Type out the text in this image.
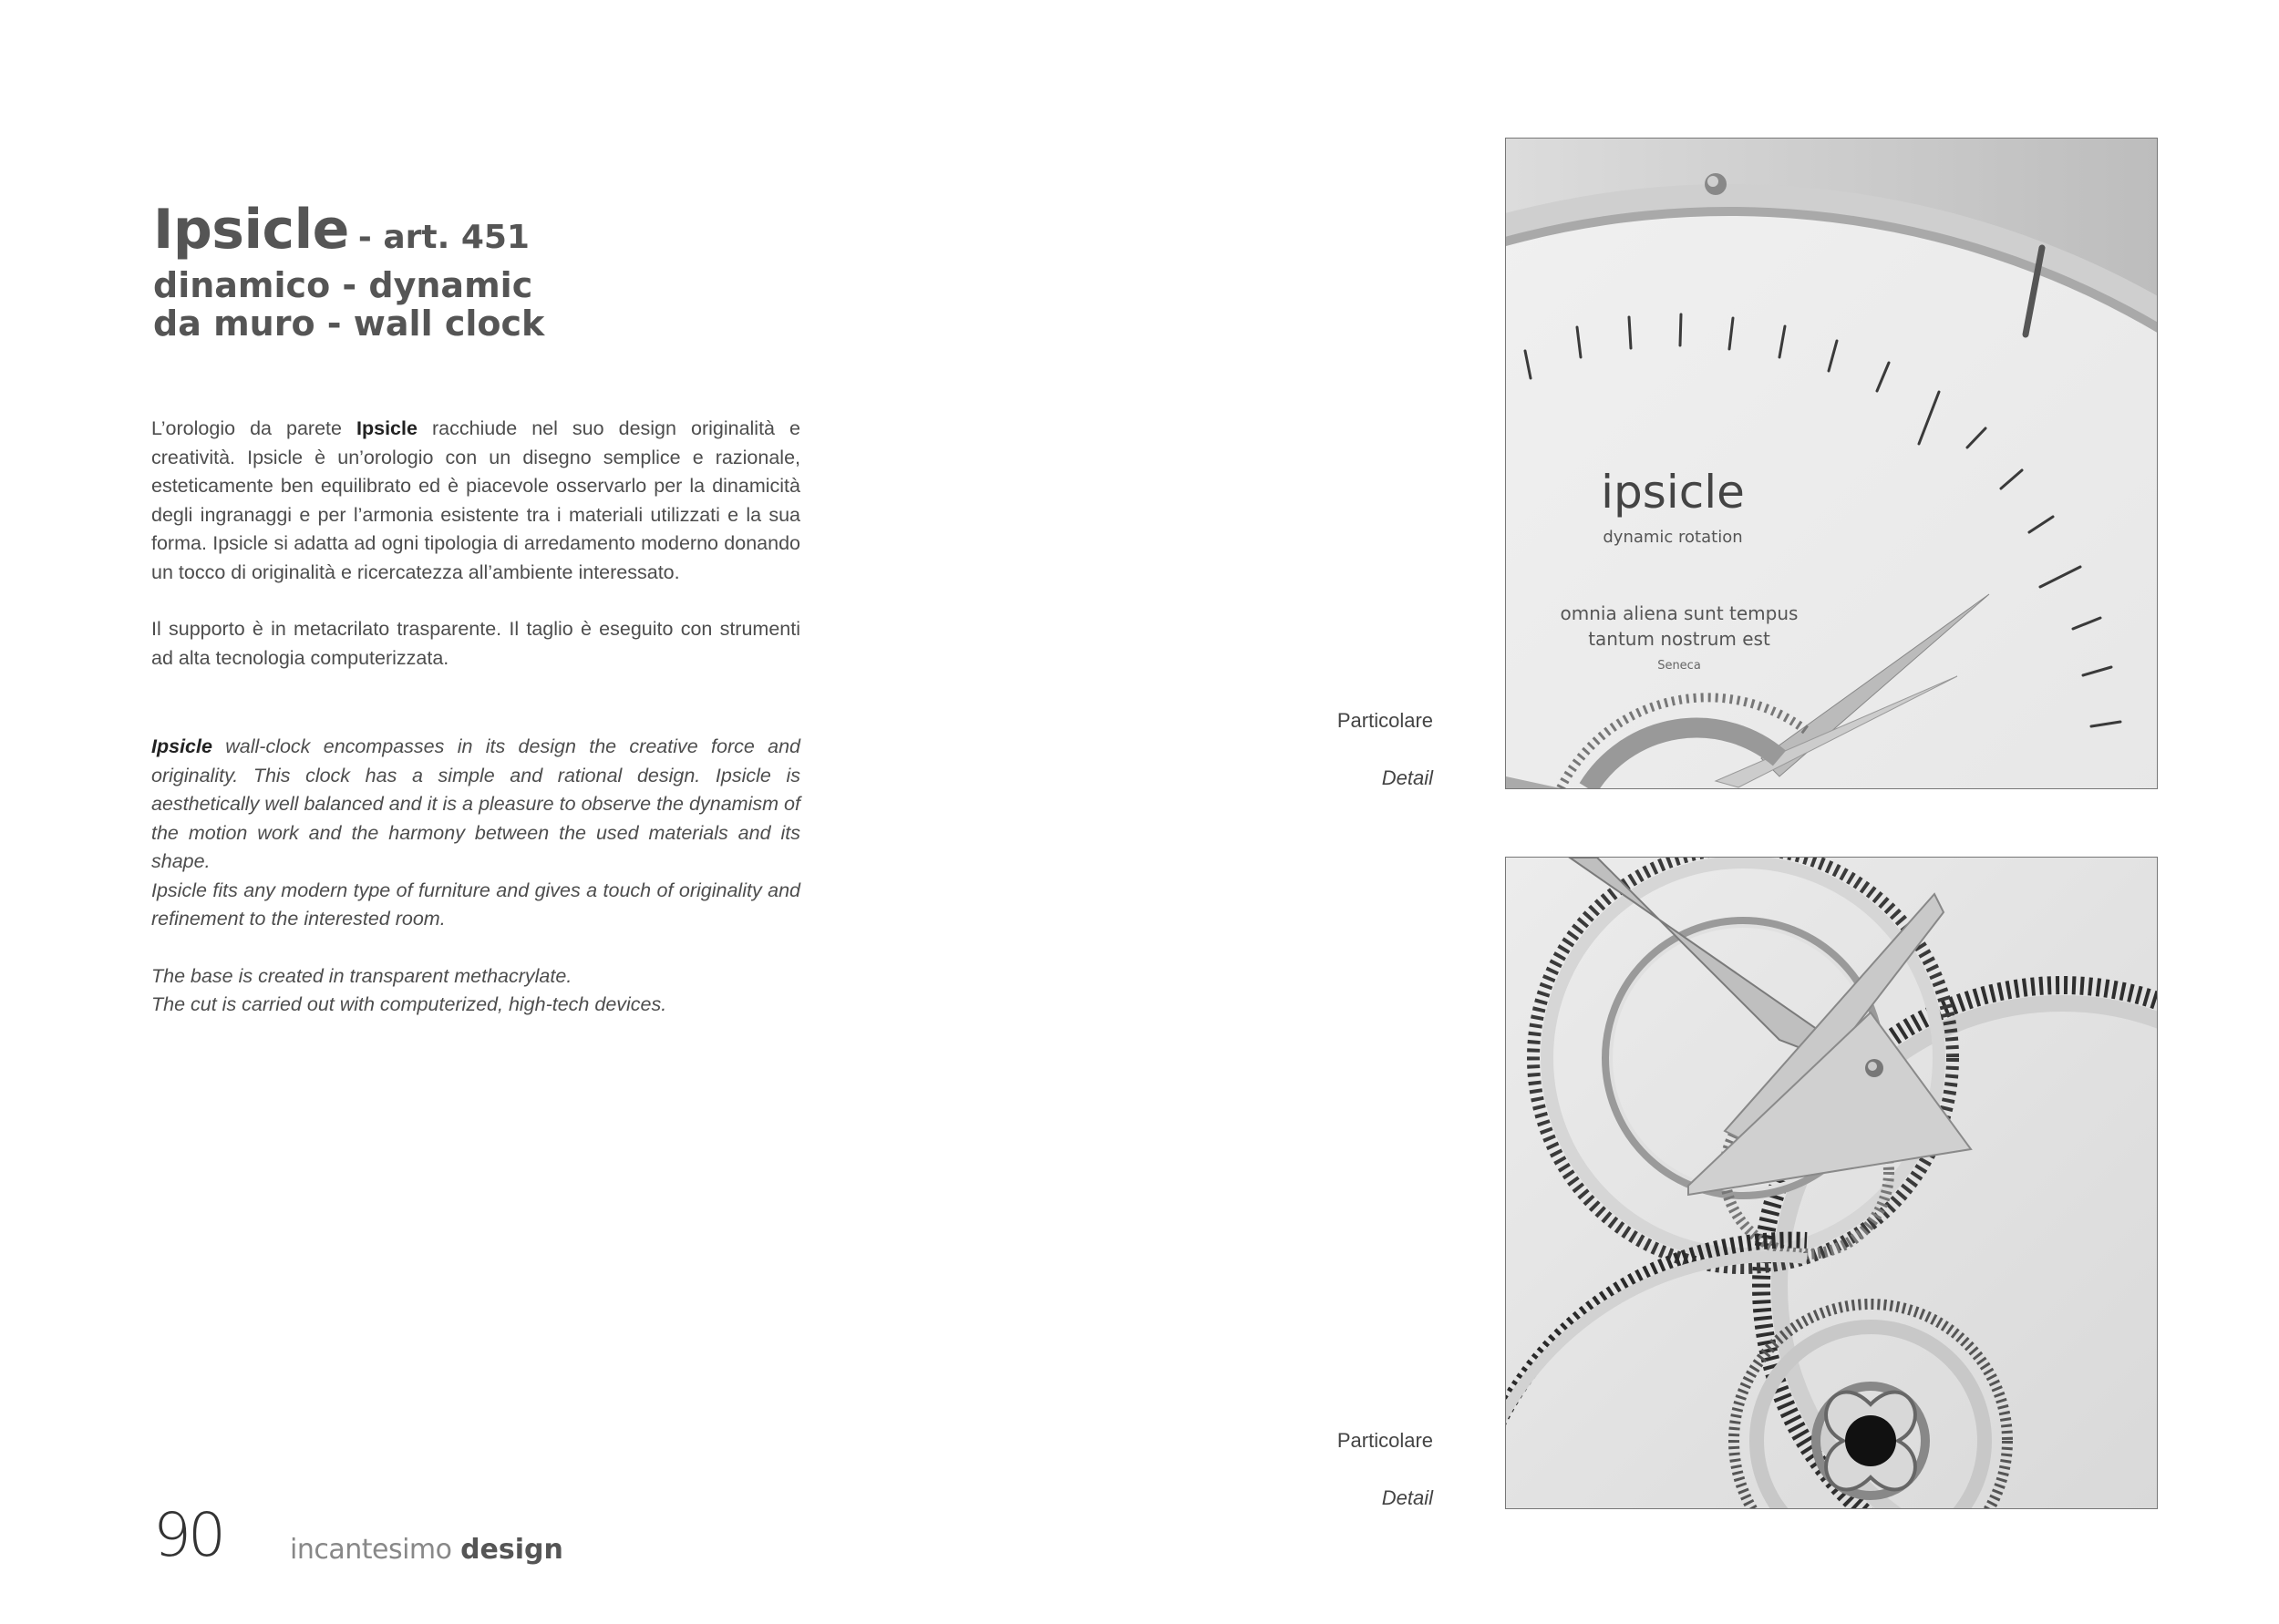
Ipsicle - art. 451
dinamico - dynamic
da muro - wall clock

L’orologio da parete Ipsicle racchiude nel suo design originalità e creatività. Ipsicle è un’orologio con un disegno semplice e razionale, esteticamente ben equilibrato ed è piacevole osservarlo per la dinamicità degli ingranaggi e per l’armonia esistente tra i materiali utilizzati e la sua forma. Ipsicle si adatta ad ogni tipologia di arredamento moderno donando un tocco di originalità e ricercatezza all’ambiente interessato.

Il supporto è in metacrilato trasparente. Il taglio è eseguito con strumenti ad alta tecnologia computerizzata.

Ipsicle wall-clock encompasses in its design the creative force and originality. This clock has a simple and rational design. Ipsicle is aesthetically well balanced and it is a pleasure to observe the dynamism of the motion work and the harmony between the used materials and its shape.

Ipsicle fits any modern type of furniture and gives a touch of originality and refinement to the interested room.

The base is created in transparent methacrylate.

The cut is carried out with computerized, high-tech devices.

Particolare
Detail
Particolare
Detail
ipsicle
dynamic rotation
omnia aliena sunt tempus
tantum nostrum est
Seneca
90 incantesimo design
